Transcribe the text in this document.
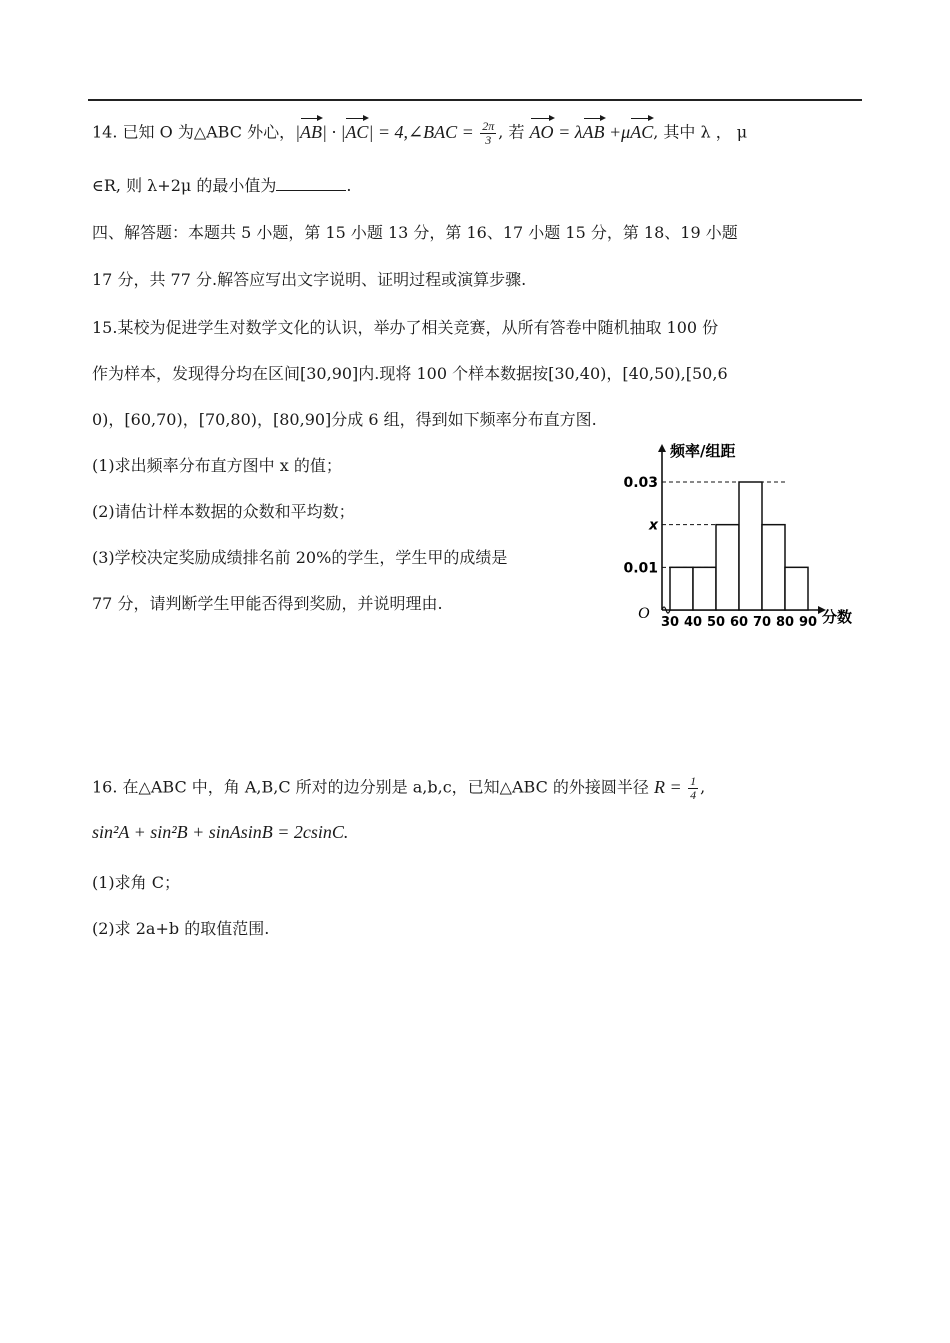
14. 已知 O 为△ABC 外心，|AB| · |AC| = 4,∠BAC = $\frac{2\pi}{3}$ , 若 AO = λAB +μAC, 其中 λ ， μ
∈R, 则 λ+2μ 的最小值为	.
四、解答题：本题共 5 小题，第 15 小题 13 分，第 16、17 小题 15 分，第 18、19 小题
17 分，共 77 分.解答应写出文字说明、证明过程或演算步骤.
15.某校为促进学生对数学文化的认识，举办了相关竞赛，从所有答卷中随机抽取 100 份
作为样本，发现得分均在区间[30,90]内.现将 100 个样本数据按[30,40)，[40,50),[50,6
0)，[60,70)，[70,80)，[80,90]分成 6 组，得到如下频率分布直方图.
(1)求出频率分布直方图中 x 的值；
(2)请估计样本数据的众数和平均数；
(3)学校决定奖励成绩排名前 20%的学生，学生甲的成绩是
77 分，请判断学生甲能否得到奖励，并说明理由.
频率/组距
分数
O
0.01
x
0.03
30 40 50 60 70 80 90
16. 在△ABC 中，角 A,B,C 所对的边分别是 a,b,c，已知△ABC 的外接圆半径 $R = \frac{1}{4}$ ,
sin²A + sin²B + sinAsinB = 2csinC.
(1)求角 C；
(2)求 2a+b 的取值范围.
